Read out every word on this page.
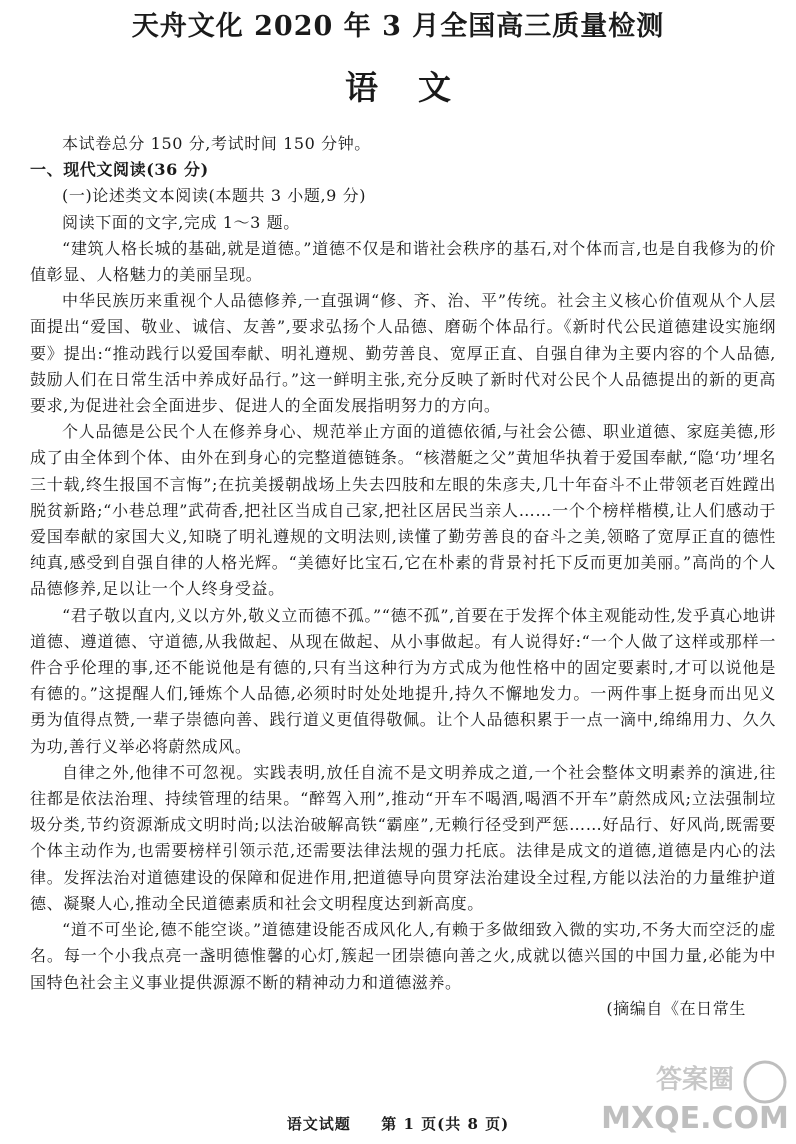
天舟文化 2020 年 3 月全国高三质量检测
语文

本试卷总分 150 分,考试时间 150 分钟。

一、现代文阅读(36 分)

(一)论述类文本阅读(本题共 3 小题,9 分)

阅读下面的文字,完成 1～3 题。

“建筑人格长城的基础,就是道德。”道德不仅是和谐社会秩序的基石,对个体而言,也是自我修为的价值彰显、人格魅力的美丽呈现。

中华民族历来重视个人品德修养,一直强调“修、齐、治、平”传统。社会主义核心价值观从个人层面提出“爱国、敬业、诚信、友善”,要求弘扬个人品德、磨砺个体品行。《新时代公民道德建设实施纲要》提出:“推动践行以爱国奉献、明礼遵规、勤劳善良、宽厚正直、自强自律为主要内容的个人品德,鼓励人们在日常生活中养成好品行。”这一鲜明主张,充分反映了新时代对公民个人品德提出的新的更高要求,为促进社会全面进步、促进人的全面发展指明努力的方向。

个人品德是公民个人在修养身心、规范举止方面的道德依循,与社会公德、职业道德、家庭美德,形成了由全体到个体、由外在到身心的完整道德链条。“核潜艇之父”黄旭华执着于爱国奉献,“隐‘功’埋名三十载,终生报国不言悔”;在抗美援朝战场上失去四肢和左眼的朱彦夫,几十年奋斗不止带领老百姓蹚出脱贫新路;“小巷总理”武荷香,把社区当成自己家,把社区居民当亲人……一个个榜样楷模,让人们感动于爱国奉献的家国大义,知晓了明礼遵规的文明法则,读懂了勤劳善良的奋斗之美,领略了宽厚正直的德性纯真,感受到自强自律的人格光辉。“美德好比宝石,它在朴素的背景衬托下反而更加美丽。”高尚的个人品德修养,足以让一个人终身受益。

“君子敬以直内,义以方外,敬义立而德不孤。”“德不孤”,首要在于发挥个体主观能动性,发乎真心地讲道德、遵道德、守道德,从我做起、从现在做起、从小事做起。有人说得好:“一个人做了这样或那样一件合乎伦理的事,还不能说他是有德的,只有当这种行为方式成为他性格中的固定要素时,才可以说他是有德的。”这提醒人们,锤炼个人品德,必须时时处处地提升,持久不懈地发力。一两件事上挺身而出见义勇为值得点赞,一辈子崇德向善、践行道义更值得敬佩。让个人品德积累于一点一滴中,绵绵用力、久久为功,善行义举必将蔚然成风。

自律之外,他律不可忽视。实践表明,放任自流不是文明养成之道,一个社会整体文明素养的演进,往往都是依法治理、持续管理的结果。“醉驾入刑”,推动“开车不喝酒,喝酒不开车”蔚然成风;立法强制垃圾分类,节约资源渐成文明时尚;以法治破解高铁“霸座”,无赖行径受到严惩……好品行、好风尚,既需要个体主动作为,也需要榜样引领示范,还需要法律法规的强力托底。法律是成文的道德,道德是内心的法律。发挥法治对道德建设的保障和促进作用,把道德导向贯穿法治建设全过程,方能以法治的力量维护道德、凝聚人心,推动全民道德素质和社会文明程度达到新高度。

“道不可坐论,德不能空谈。”道德建设能否成风化人,有赖于多做细致入微的实功,不务大而空泛的虚名。每一个小我点亮一盏明德惟馨的心灯,簇起一团崇德向善之火,成就以德兴国的中国力量,必能为中国特色社会主义事业提供源源不断的精神动力和道德滋养。

(摘编自《在日常生

语文试题 第 1 页(共 8 页)
答案圈
MXQE.COM
